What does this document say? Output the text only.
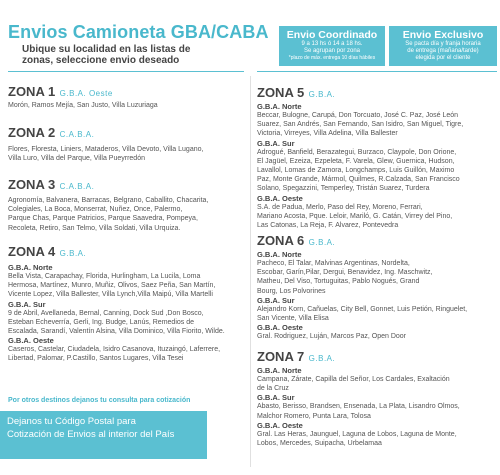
Envios Camioneta GBA/CABA
Ubique su localidad en las listas de zonas, seleccione envio deseado
Envio Coordinado
9 a 13 hs ó 14 a 18 hs.
Se agrupan por zona
*plazo de máx. entrega 10 días hábiles
Envio Exclusivo
Se pacta día y franja horaria
de entrega (mañana/tarde)
elegida por el cliente
ZONA 1 G.B.A. Oeste
Morón, Ramos Mejía, San Justo, Villa Luzuriaga
ZONA 2 C.A.B.A.
Flores, Floresta, Liniers, Mataderos, Villa Devoto, Villa Lugano,
Villa Luro, Villa del Parque, Villa Pueyrredón
ZONA 3 C.A.B.A.
Agronomía, Balvanera, Barracas, Belgrano, Caballito, Chacarita,
Colegiales, La Boca, Monserrat, Nuñez, Once, Palermo,
Parque Chas, Parque Patricios, Parque Saavedra, Pompeya,
Recoleta, Retiro, San Telmo, Villa Soldati, Villa Urquiza.
ZONA 4 G.B.A.
G.B.A. Norte
Bella Vista, Carapachay, Florida, Hurlingham, La Lucila, Loma
Hermosa, Martínez, Munro, Muñiz, Olivos, Saez Peña, San Martín,
Vicente Lopez, Villa Ballester, Villa Lynch,Villa Maipú, Villa Martelli
G.B.A. Sur
9 de Abril, Avellaneda, Bernal, Canning, Dock Sud ,Don Bosco,
Esteban Echeverría, Gerli, Ing. Budge, Lanús, Remedios de
Escalada, Sarandí, Valentín Alsina, Villa Dominico, Villa Fiorito, Wilde.
G.B.A. Oeste
Caseros, Castelar, Ciudadela, Isidro Casanova, Ituzaingó, Laferrere,
Libertad, Palomar, P.Castillo, Santos Lugares, Villa Tesei
Por otros destinos dejanos tu consulta para cotización
Dejanos tu Código Postal para
Cotización de Envios al interior del País
ZONA 5 G.B.A.
G.B.A. Norte
Beccar, Bulogne, Carupá, Don Torcuato, José C. Paz, José León
Suarez, San Andrés, San Fernando, San Isidro, San Miguel, Tigre,
Victoria, Virreyes, Villa Adelina, Villa Ballester
G.B.A. Sur
Adrogué, Banfield, Berazategui, Burzaco, Claypole, Don Orione,
El Jagüel, Ezeiza, Ezpeleta, F. Varela, Glew, Guernica, Hudson,
Lavallol, Lomas de Zamora, Longchamps, Luis Guillón, Maximo
Paz, Monte Grande, Mármol, Quilmes, R.Calzada, San Francisco
Solano, Spegazzini, Temperley, Tristán Suarez, Turdera
G.B.A. Oeste
S.A. de Padua, Merlo, Paso del Rey, Moreno, Ferrari,
Mariano Acosta, Pque. Leloir, Mariló, G. Catán, Virrey del Pino,
Las Catonas, La Reja, F. Alvarez, Pontevedra
ZONA 6 G.B.A.
G.B.A. Norte
Pacheco, El Talar, Malvinas Argentinas, Nordelta,
Escobar, Garín,Pilar, Dergui, Benavidez, Ing. Maschwitz,
Matheu, Del Viso, Tortuguitas, Pablo Nogués, Grand
Bourg, Los Polvorines
G.B.A. Sur
Alejandro Korn, Cañuelas, City Bell, Gonnet, Luis Petión, Ringuelet,
San Vicente, Villa Elisa
G.B.A. Oeste
Gral. Rodriguez, Luján, Marcos Paz, Open Door
ZONA 7 G.B.A.
G.B.A. Norte
Campana, Zárate, Capilla del Señor, Los Cardales, Exaltación
de la Cruz
G.B.A. Sur
Abasto, Berisso, Brandsen, Ensenada, La Plata, Lisandro Olmos,
Malchor Romero, Punta Lara, Tolosa
G.B.A. Oeste
Gral. Las Heras, Jaunguel, Laguna de Lobos, Laguna de Monte,
Lobos, Mercedes, Suipacha, Urbelamaa
